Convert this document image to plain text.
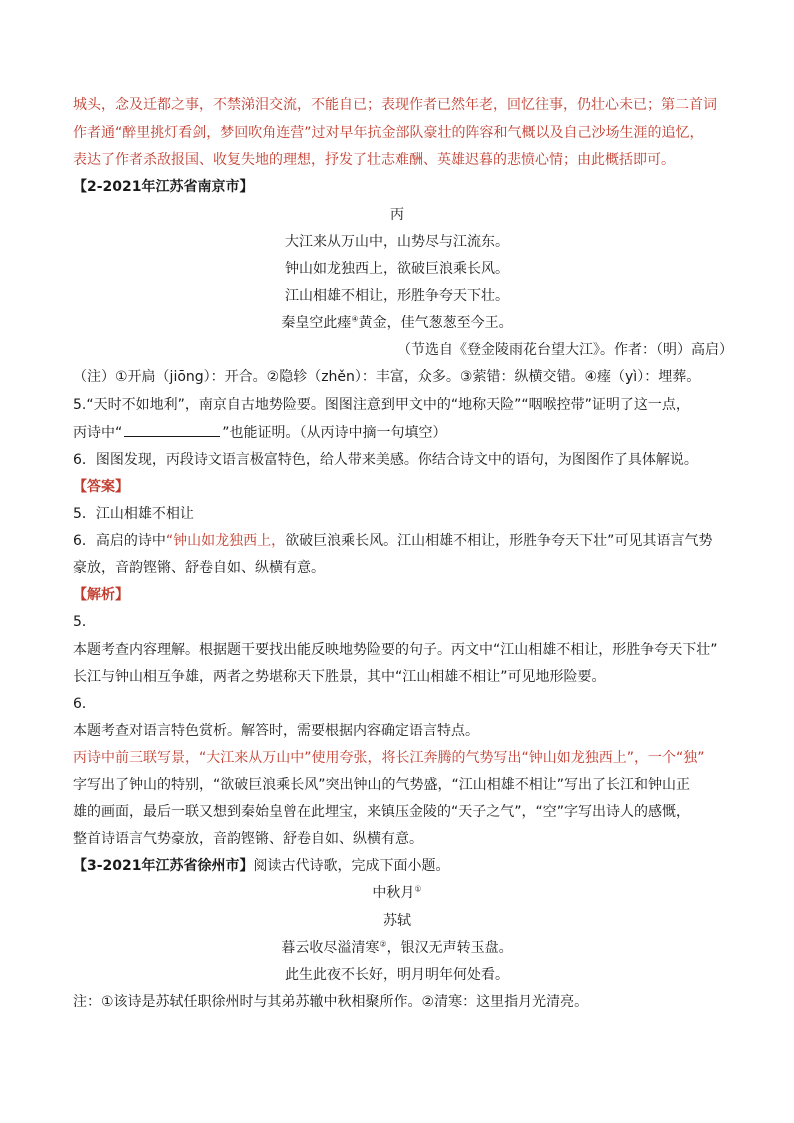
城头，念及迁都之事，不禁涕泪交流，不能自已；表现作者已然年老，回忆往事，仍壮心未已；第二首词
作者通“醉里挑灯看剑，梦回吹角连营”过对早年抗金部队豪壮的阵容和气概以及自己沙场生涯的追忆，
表达了作者杀敌报国、收复失地的理想，抒发了壮志难酬、英雄迟暮的悲愤心情；由此概括即可。
【2-2021年江苏省南京市】
丙
大江来从万山中，山势尽与江流东。
钟山如龙独西上，欲破巨浪乘长风。
江山相雄不相让，形胜争夸天下壮。
秦皇空此瘗④黄金，佳气葱葱至今王。
（节选自《登金陵雨花台望大江》。作者：（明）高启）
（注）①开扃（jiōng）：开合。②隐轸（zhěn）：丰富，众多。③萦错：纵横交错。④瘗（yì）：埋葬。
5.“天时不如地利”，南京自古地势险要。图图注意到甲文中的“地称天险”“咽喉控带”证明了这一点，
丙诗中“	”也能证明。（从丙诗中摘一句填空）
6．图图发现，丙段诗文语言极富特色，给人带来美感。你结合诗文中的语句，为图图作了具体解说。
【答案】
5．江山相雄不相让
6．高启的诗中“钟山如龙独西上，欲破巨浪乘长风。江山相雄不相让，形胜争夸天下壮”可见其语言气势
豪放，音韵铿锵、舒卷自如、纵横有意。
【解析】
5．
本题考查内容理解。根据题干要找出能反映地势险要的句子。丙文中“江山相雄不相让，形胜争夸天下壮”
长江与钟山相互争雄，两者之势堪称天下胜景，其中“江山相雄不相让”可见地形险要。
6．
本题考查对语言特色赏析。解答时，需要根据内容确定语言特点。
丙诗中前三联写景，“大江来从万山中”使用夸张，将长江奔腾的气势写出“钟山如龙独西上”，一个“独”
字写出了钟山的特别，“欲破巨浪乘长风”突出钟山的气势盛，“江山相雄不相让”写出了长江和钟山正
雄的画面，最后一联又想到秦始皇曾在此埋宝，来镇压金陵的“天子之气”，“空”字写出诗人的感慨，
整首诗语言气势豪放，音韵铿锵、舒卷自如、纵横有意。
【3-2021年江苏省徐州市】阅读古代诗歌，完成下面小题。
中秋月①
苏轼
暮云收尽溢清寒②，银汉无声转玉盘。
此生此夜不长好，明月明年何处看。
注：①该诗是苏轼任职徐州时与其弟苏辙中秋相聚所作。②清寒：这里指月光清亮。
